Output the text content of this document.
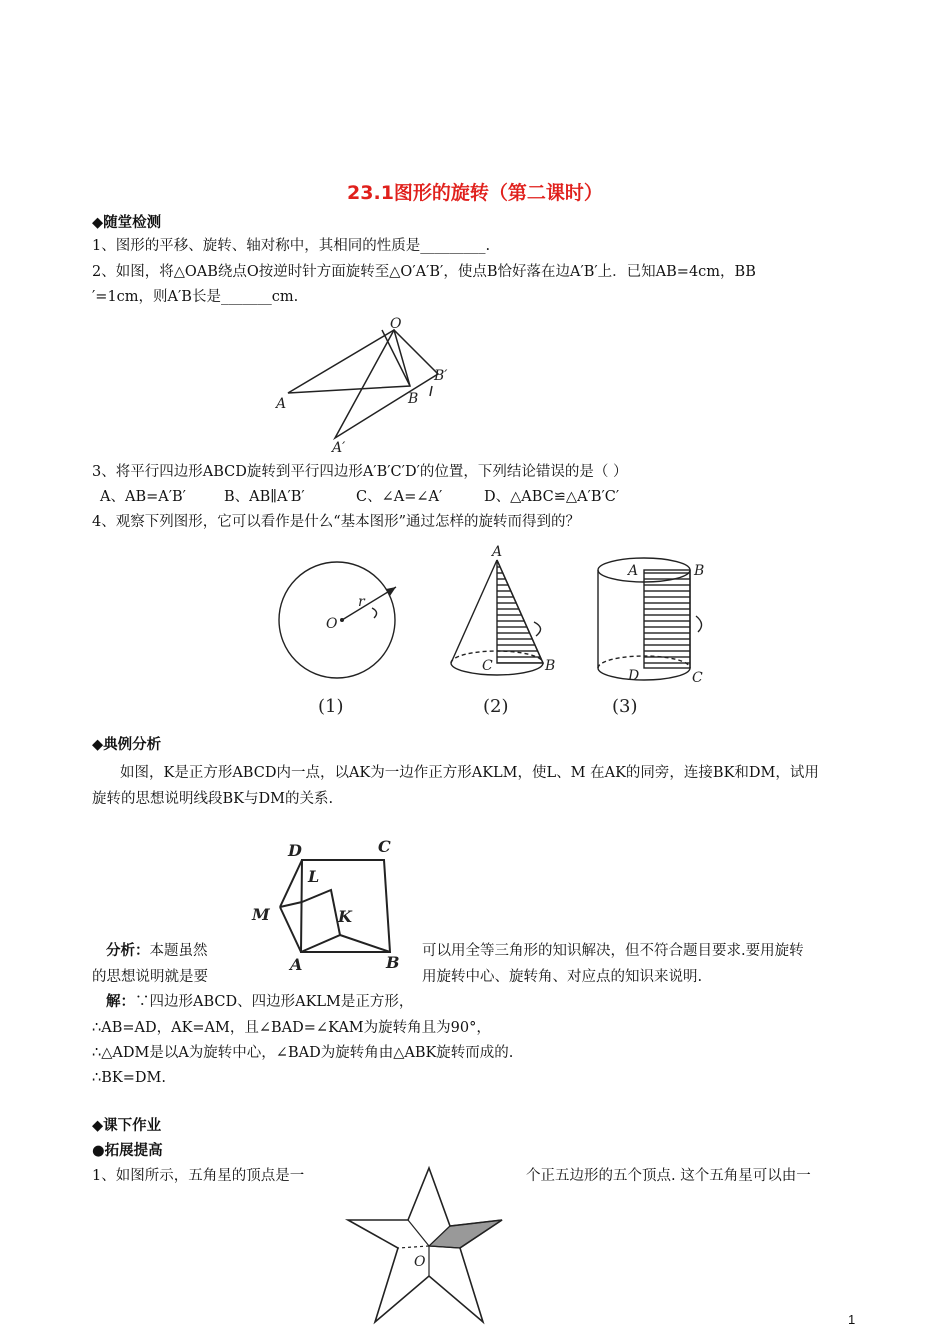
23.1图形的旋转（第二课时）
◆随堂检测
1、图形的平移、旋转、轴对称中，其相同的性质是_________.
2、如图，将△OAB绕点O按逆时针方面旋转至△O′A′B′，使点B恰好落在边A′B′上．已知AB=4cm，BB
′=1cm，则A′B长是_______cm.
O
A	B
B′
A′
3、将平行四边形ABCD旋转到平行四边形A′B′C′D′的位置，下列结论错误的是（ ）
A、AB=A′B′	B、AB∥A′B′	C、∠A=∠A′	D、△ABC≌△A′B′C′
4、观察下列图形，它可以看作是什么“基本图形”通过怎样的旋转而得到的？
O
r
A
C	B
A	B
D	C
(1)	(2)	(3)
◆典例分析
如图，K是正方形ABCD内一点，以AK为一边作正方形AKLM，使L、M 在AK的同旁，连接BK和DM，试用
旋转的思想说明线段BK与DM的关系.
D	C
L
M	K
A	B
分析：本题虽然	可以用全等三角形的知识解决，但不符合题目要求.要用旋转
的思想说明就是要	用旋转中心、旋转角、对应点的知识来说明.
解：∵四边形ABCD、四边形AKLM是正方形，
∴AB=AD，AK=AM，且∠BAD=∠KAM为旋转角且为90°，
∴△ADM是以A为旋转中心，∠BAD为旋转角由△ABK旋转而成的.
∴BK=DM.
◆课下作业
●拓展提高
1、如图所示，五角星的顶点是一	个正五边形的五个顶点. 这个五角星可以由一
O
1
